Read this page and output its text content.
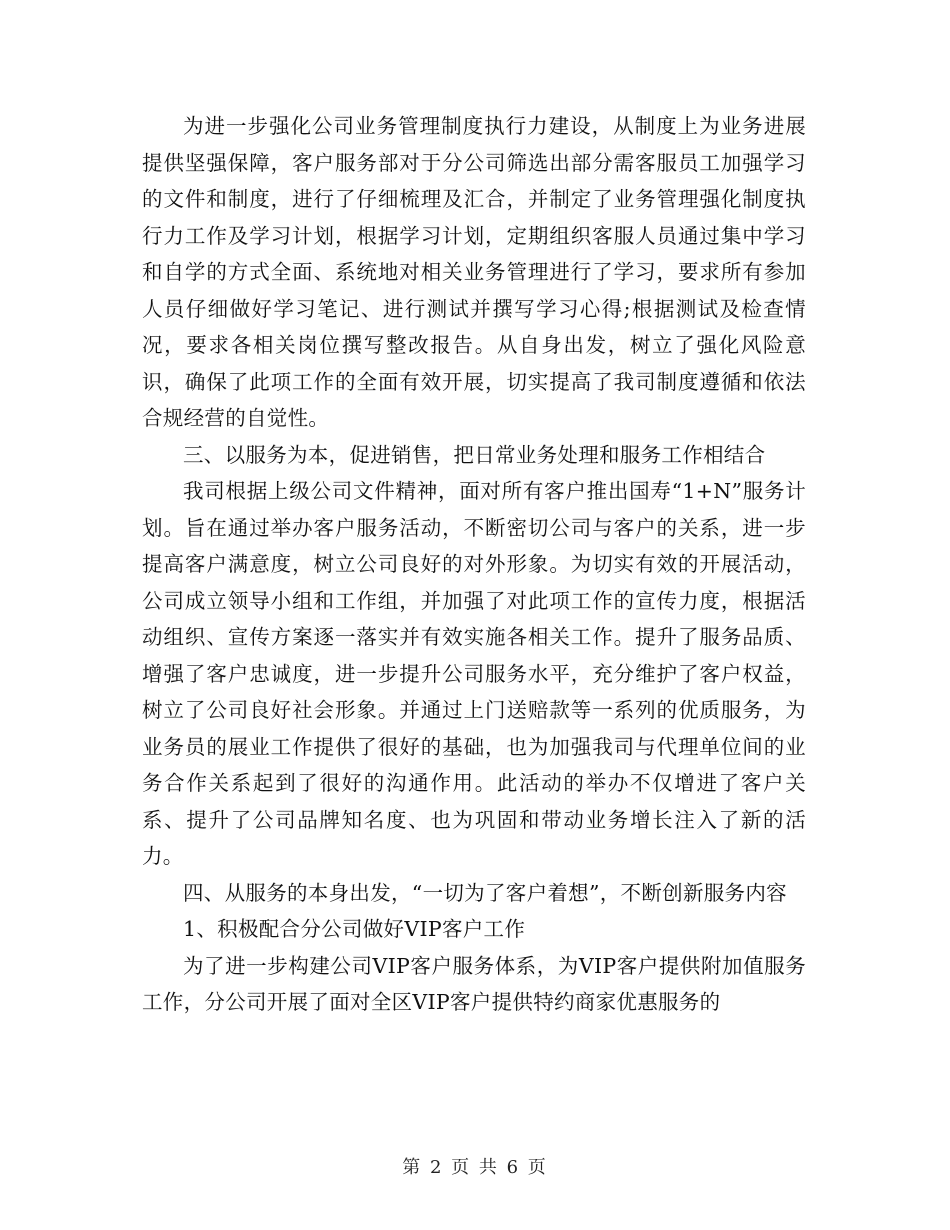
为进一步强化公司业务管理制度执行力建设，从制度上为业务进展提供坚强保障，客户服务部对于分公司筛选出部分需客服员工加强学习的文件和制度，进行了仔细梳理及汇合，并制定了业务管理强化制度执行力工作及学习计划，根据学习计划，定期组织客服人员通过集中学习和自学的方式全面、系统地对相关业务管理进行了学习，要求所有参加人员仔细做好学习笔记、进行测试并撰写学习心得;根据测试及检查情况，要求各相关岗位撰写整改报告。从自身出发，树立了强化风险意识，确保了此项工作的全面有效开展，切实提高了我司制度遵循和依法合规经营的自觉性。

三、以服务为本，促进销售，把日常业务处理和服务工作相结合

我司根据上级公司文件精神，面对所有客户推出国寿“1+N”服务计划。旨在通过举办客户服务活动，不断密切公司与客户的关系，进一步提高客户满意度，树立公司良好的对外形象。为切实有效的开展活动，公司成立领导小组和工作组，并加强了对此项工作的宣传力度，根据活动组织、宣传方案逐一落实并有效实施各相关工作。提升了服务品质、增强了客户忠诚度，进一步提升公司服务水平，充分维护了客户权益，树立了公司良好社会形象。并通过上门送赔款等一系列的优质服务，为业务员的展业工作提供了很好的基础，也为加强我司与代理单位间的业务合作关系起到了很好的沟通作用。此活动的举办不仅增进了客户关系、提升了公司品牌知名度、也为巩固和带动业务增长注入了新的活力。

四、从服务的本身出发，“一切为了客户着想”，不断创新服务内容

1、积极配合分公司做好VIP客户工作

为了进一步构建公司VIP客户服务体系，为VIP客户提供附加值服务工作，分公司开展了面对全区VIP客户提供特约商家优惠服务的

第 2 页 共 6 页
